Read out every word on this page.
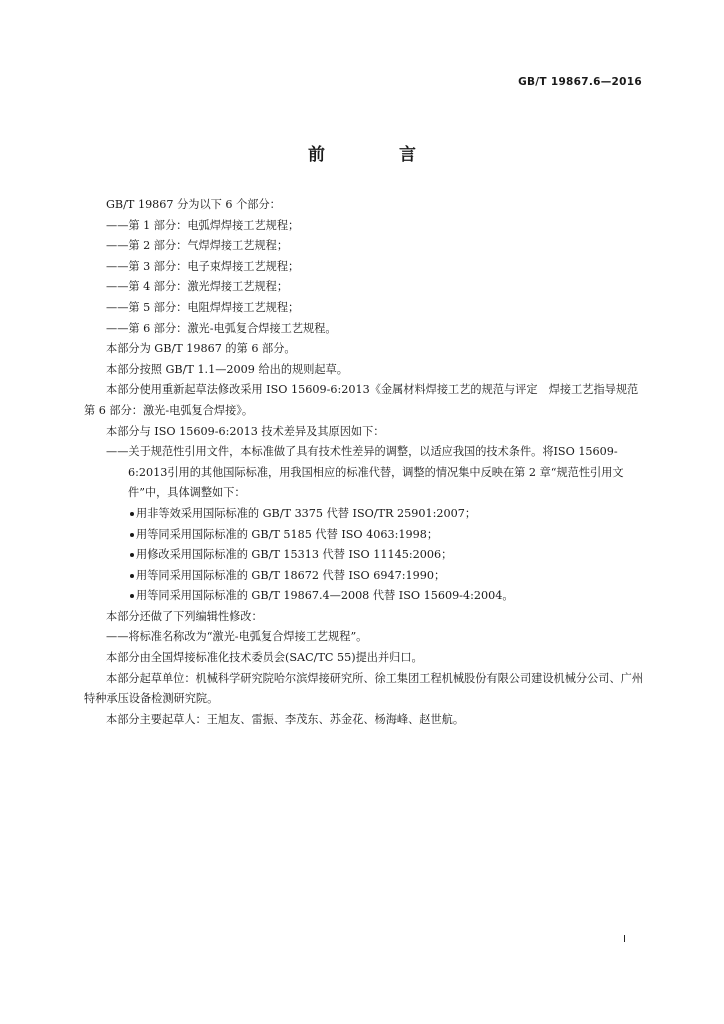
GB/T 19867.6—2016
前 言
GB/T 19867 分为以下 6 个部分：
——第 1 部分：电弧焊焊接工艺规程；
——第 2 部分：气焊焊接工艺规程；
——第 3 部分：电子束焊接工艺规程；
——第 4 部分：激光焊接工艺规程；
——第 5 部分：电阻焊焊接工艺规程；
——第 6 部分：激光-电弧复合焊接工艺规程。
本部分为 GB/T 19867 的第 6 部分。
本部分按照 GB/T 1.1—2009 给出的规则起草。
本部分使用重新起草法修改采用 ISO 15609-6:2013《金属材料焊接工艺的规范与评定　焊接工艺指导规范　第 6 部分：激光-电弧复合焊接》。
本部分与 ISO 15609-6:2013 技术差异及其原因如下：
——关于规范性引用文件，本标准做了具有技术性差异的调整，以适应我国的技术条件。将ISO 15609-6:2013引用的其他国际标准，用我国相应的标准代替，调整的情况集中反映在第 2 章“规范性引用文件”中，具体调整如下：
用非等效采用国际标准的 GB/T 3375 代替 ISO/TR 25901:2007；
用等同采用国际标准的 GB/T 5185 代替 ISO 4063:1998；
用修改采用国际标准的 GB/T 15313 代替 ISO 11145:2006；
用等同采用国际标准的 GB/T 18672 代替 ISO 6947:1990；
用等同采用国际标准的 GB/T 19867.4—2008 代替 ISO 15609-4:2004。
本部分还做了下列编辑性修改：
——将标准名称改为“激光-电弧复合焊接工艺规程”。
本部分由全国焊接标准化技术委员会(SAC/TC 55)提出并归口。
本部分起草单位：机械科学研究院哈尔滨焊接研究所、徐工集团工程机械股份有限公司建设机械分公司、广州特种承压设备检测研究院。
本部分主要起草人：王旭友、雷振、李茂东、苏金花、杨海峰、赵世航。
I
